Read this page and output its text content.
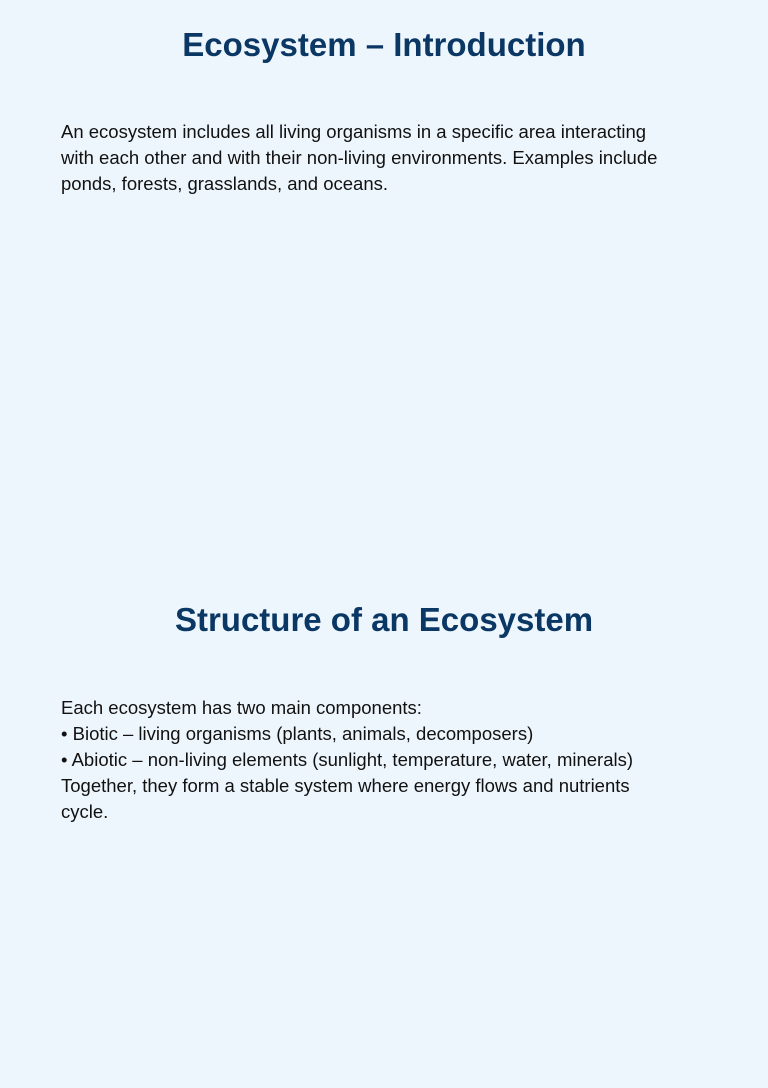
Ecosystem – Introduction

An ecosystem includes all living organisms in a specific area interacting
with each other and with their non-living environments. Examples include
ponds, forests, grasslands, and oceans.

Structure of an Ecosystem

Each ecosystem has two main components:
• Biotic – living organisms (plants, animals, decomposers)
• Abiotic – non-living elements (sunlight, temperature, water, minerals)
Together, they form a stable system where energy flows and nutrients
cycle.
